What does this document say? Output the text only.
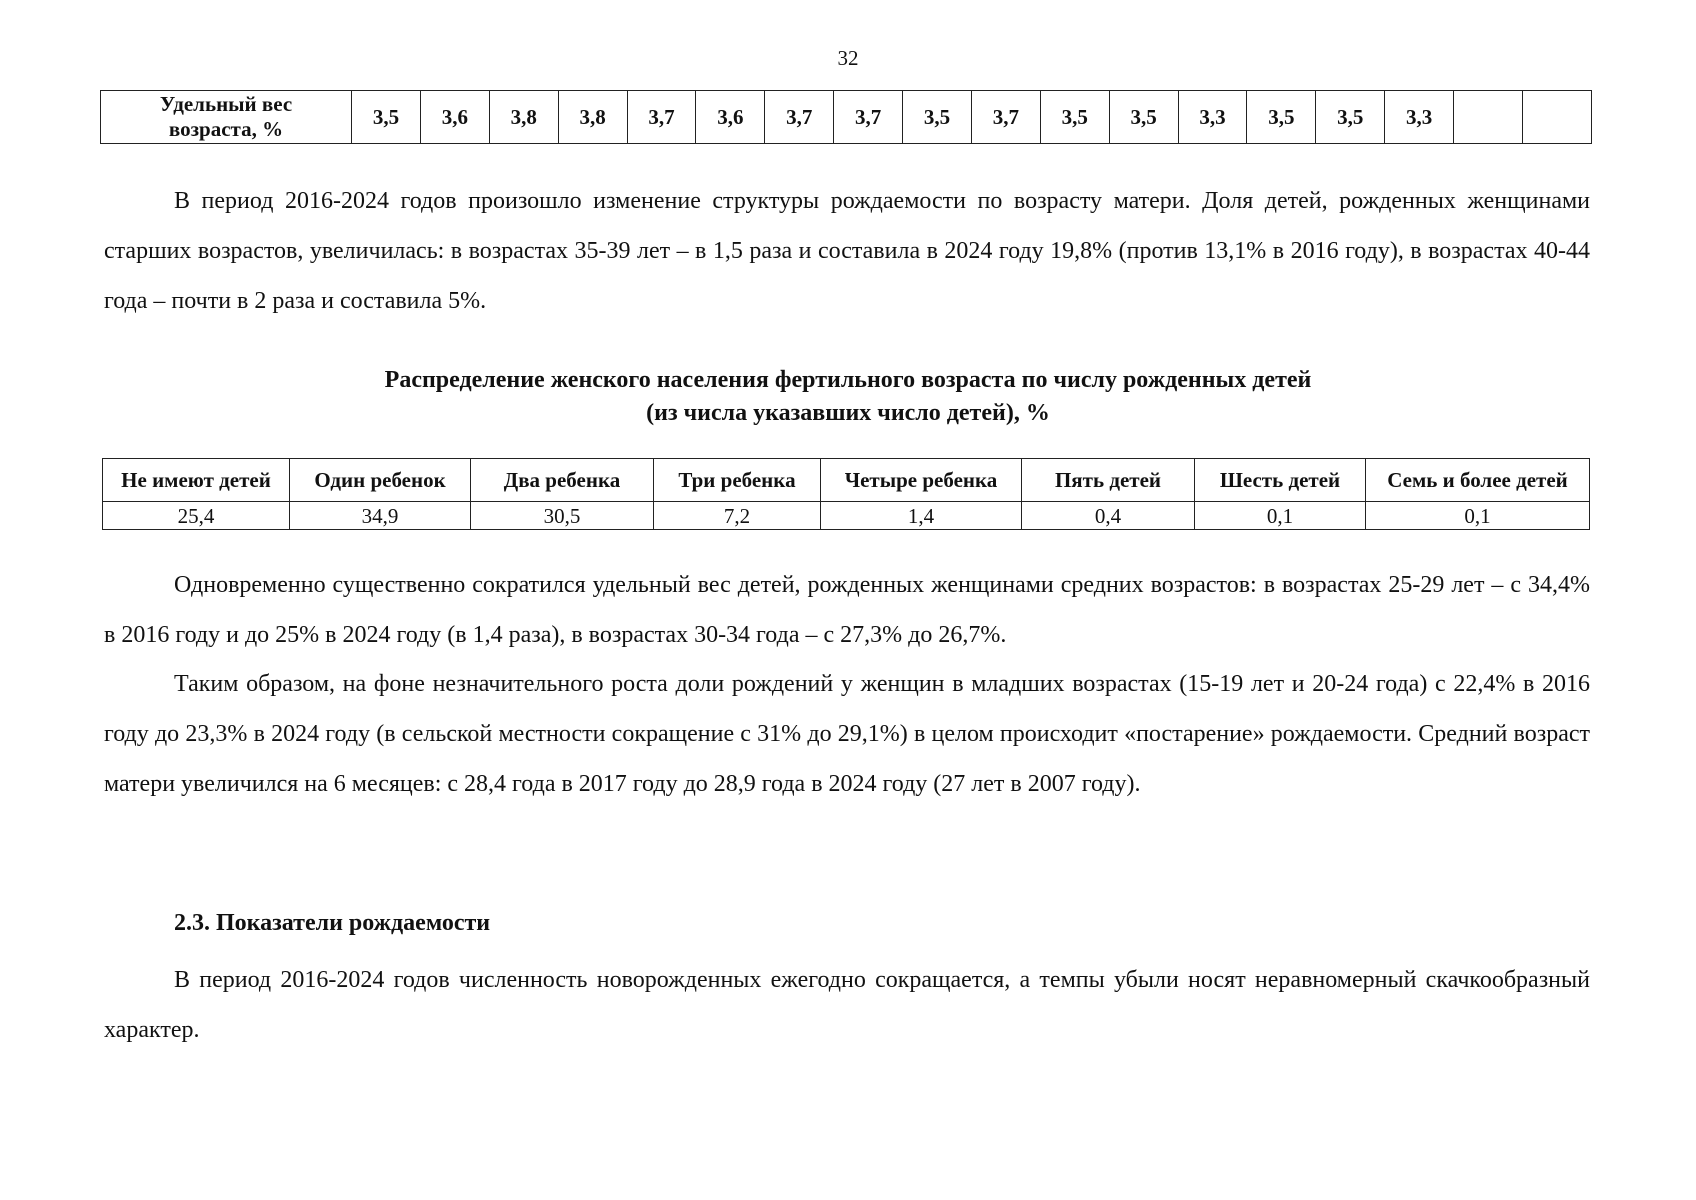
32
Удельный вес
возраста, %	3,5	3,6	3,8	3,8	3,7	3,6	3,7	3,7	3,5	3,7	3,5	3,5	3,3	3,5	3,5	3,3		

В период 2016-2024 годов произошло изменение структуры рождаемости по возрасту матери. Доля детей, рожденных женщинами старших возрастов, увеличилась: в возрастах 35-39 лет – в 1,5 раза и составила в 2024 году 19,8% (против 13,1% в 2016 году), в возрастах 40-44 года – почти в 2 раза и составила 5%.

Распределение женского населения фертильного возраста по числу рожденных детей
(из числа указавших число детей), %
Не имеют детей	Один ребенок	Два ребенка	Три ребенка	Четыре ребенка	Пять детей	Шесть детей	Семь и более детей
25,4	34,9	30,5	7,2	1,4	0,4	0,1	0,1

Одновременно существенно сократился удельный вес детей, рожденных женщинами средних возрастов: в возрастах 25-29 лет – с 34,4% в 2016 году и до 25% в 2024 году (в 1,4 раза), в возрастах 30-34 года – с 27,3% до 26,7%.

Таким образом, на фоне незначительного роста доли рождений у женщин в младших возрастах (15-19 лет и 20-24 года) с 22,4% в 2016 году до 23,3% в 2024 году (в сельской местности сокращение с 31% до 29,1%) в целом происходит «постарение» рождаемости. Средний возраст матери увеличился на 6 месяцев: с 28,4 года в 2017 году до 28,9 года в 2024 году (27 лет в 2007 году).

2.3. Показатели рождаемости

В период 2016-2024 годов численность новорожденных ежегодно сокращается, а темпы убыли носят неравномерный скачкообразный характер.
